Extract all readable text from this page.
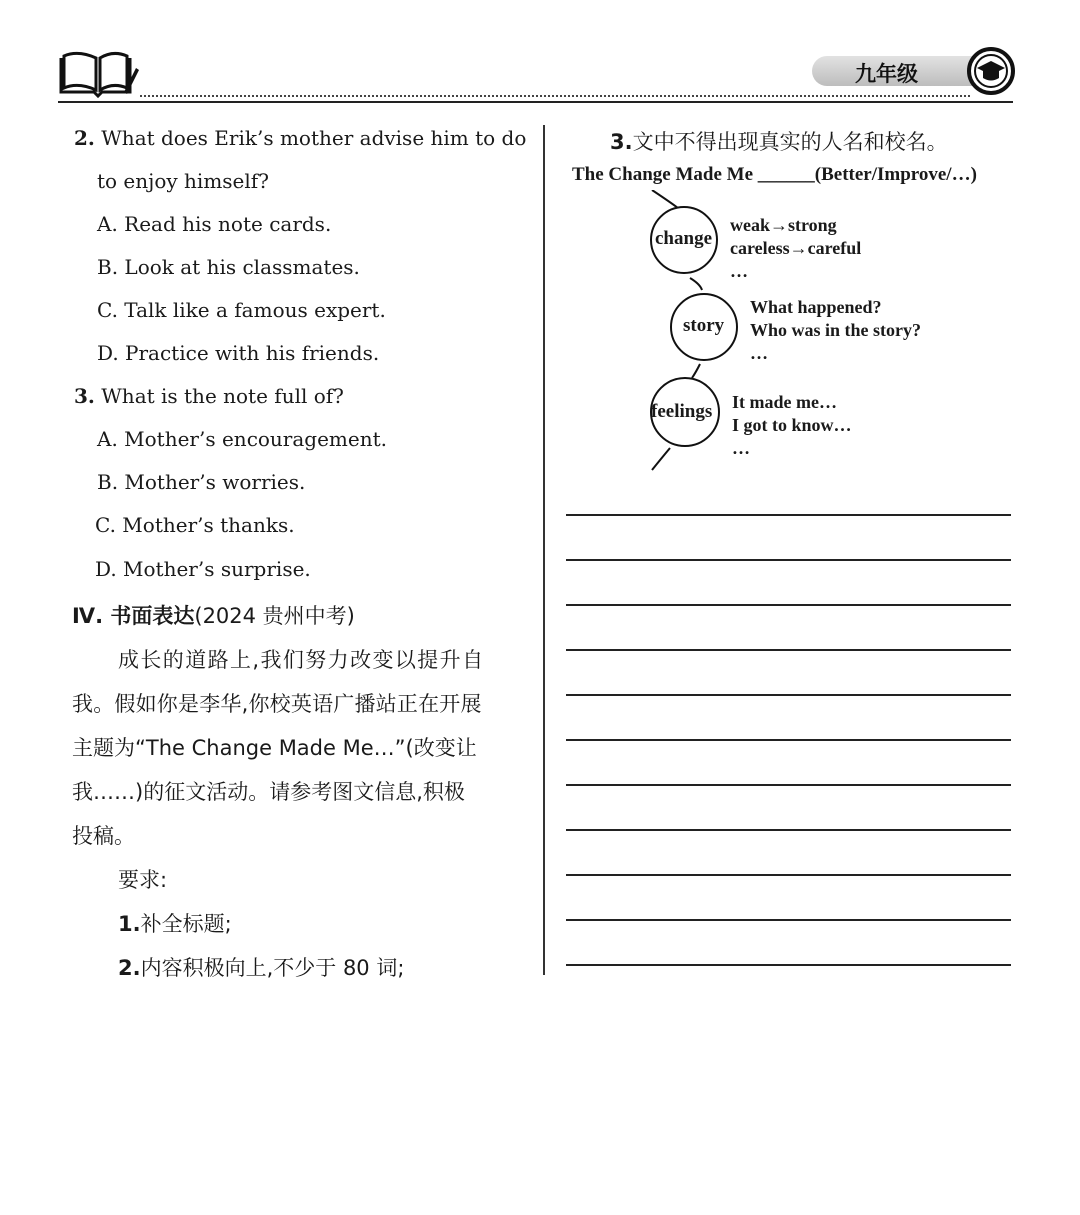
九年级
2. What does Erik’s mother advise him to do
to enjoy himself?
A. Read his note cards.
B. Look at his classmates.
C. Talk like a famous expert.
D. Practice with his friends.
3. What is the note full of?
A. Mother’s encouragement.
B. Mother’s worries.
C. Mother’s thanks.
D. Mother’s surprise.
Ⅳ. 书面表达(2024 贵州中考)
成长的道路上,我们努力改变以提升自
我。假如你是李华,你校英语广播站正在开展
主题为“The Change Made Me…”(改变让
我……)的征文活动。请参考图文信息,积极
投稿。
要求:
1.补全标题;
2.内容积极向上,不少于 80 词;
3.文中不得出现真实的人名和校名。
The Change Made Me ______(Better/Improve/…)
change
story
feelings
weak→strong
careless→careful
…
What happened?
Who was in the story?
…
It made me…
I got to know…
…
